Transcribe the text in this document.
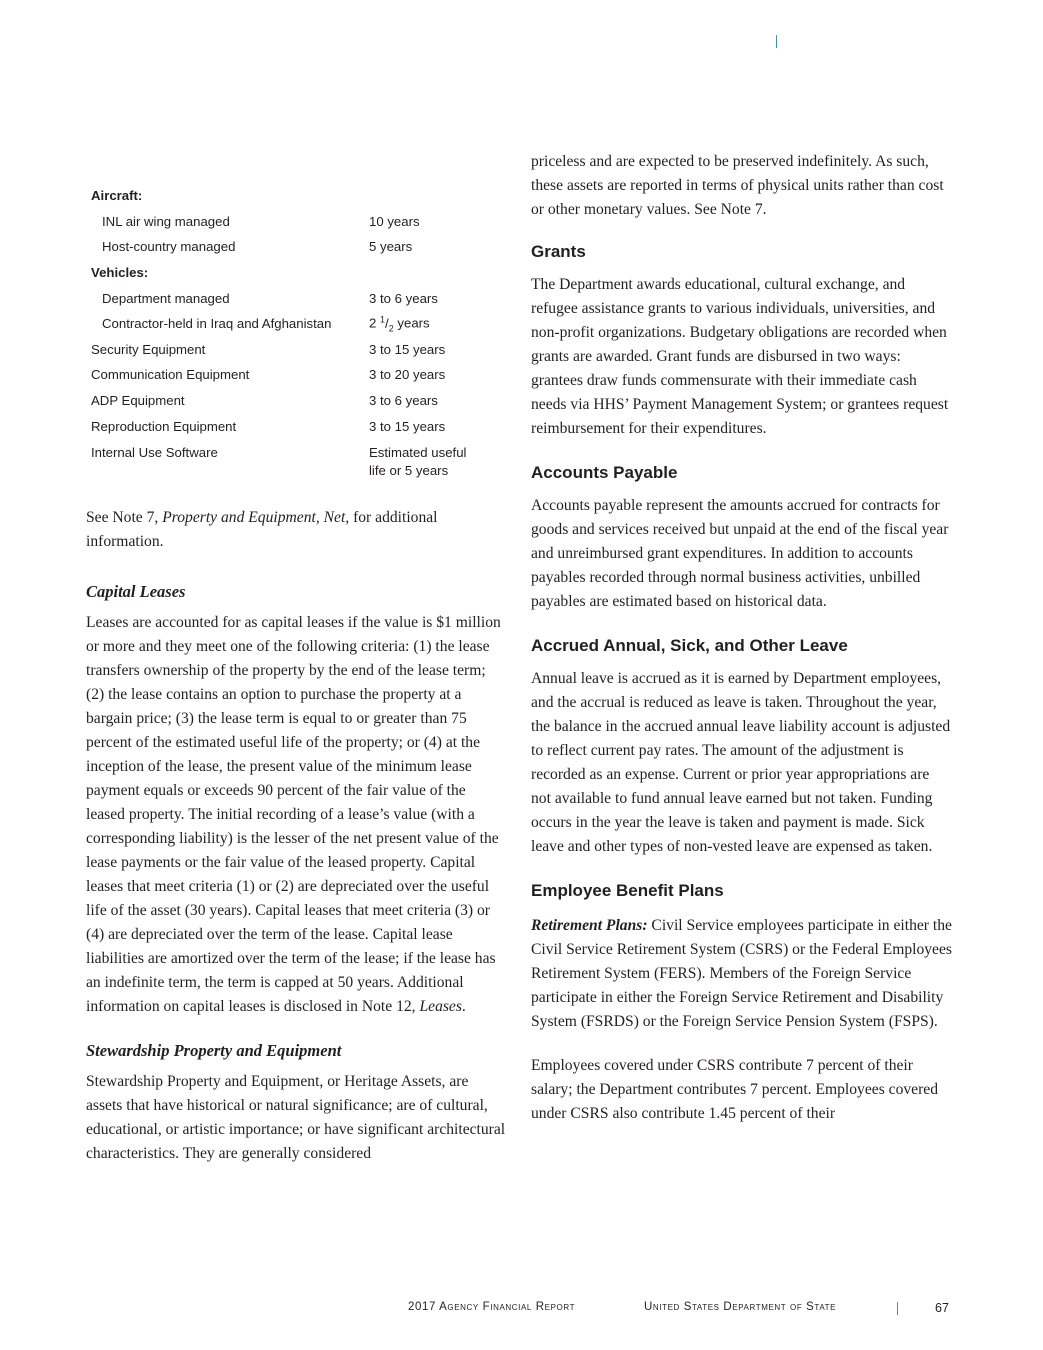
Aircraft:	
INL air wing managed	10 years
Host-country managed	5 years
Vehicles:	
Department managed	3 to 6 years
Contractor-held in Iraq and Afghanistan	2 $^1/_2$ years
Security Equipment	3 to 15 years
Communication Equipment	3 to 20 years
ADP Equipment	3 to 6 years
Reproduction Equipment	3 to 15 years
Internal Use Software	Estimated useful
life or 5 years

See Note 7, Property and Equipment, Net, for additional information.

Capital Leases

Leases are accounted for as capital leases if the value is $1 million or more and they meet one of the following criteria: (1) the lease transfers ownership of the property by the end of the lease term; (2) the lease contains an option to purchase the property at a bargain price; (3) the lease term is equal to or greater than 75 percent of the estimated useful life of the property; or (4) at the inception of the lease, the present value of the minimum lease payment equals or exceeds 90 percent of the fair value of the leased property. The initial recording of a lease’s value (with a corresponding liability) is the lesser of the net present value of the lease payments or the fair value of the leased property. Capital leases that meet criteria (1) or (2) are depreciated over the useful life of the asset (30 years). Capital leases that meet criteria (3) or (4) are depreciated over the term of the lease. Capital lease liabilities are amortized over the term of the lease; if the lease has an indefinite term, the term is capped at 50 years. Additional information on capital leases is disclosed in Note 12, Leases.

Stewardship Property and Equipment

Stewardship Property and Equipment, or Heritage Assets, are assets that have historical or natural significance; are of cultural, educational, or artistic importance; or have significant architectural characteristics. They are generally considered

priceless and are expected to be preserved indefinitely. As such, these assets are reported in terms of physical units rather than cost or other monetary values. See Note 7.

Grants

The Department awards educational, cultural exchange, and refugee assistance grants to various individuals, universities, and non-profit organizations. Budgetary obligations are recorded when grants are awarded. Grant funds are disbursed in two ways: grantees draw funds commensurate with their immediate cash needs via HHS’ Payment Management System; or grantees request reimbursement for their expenditures.

Accounts Payable

Accounts payable represent the amounts accrued for contracts for goods and services received but unpaid at the end of the fiscal year and unreimbursed grant expenditures. In addition to accounts payables recorded through normal business activities, unbilled payables are estimated based on historical data.

Accrued Annual, Sick, and Other Leave

Annual leave is accrued as it is earned by Department employees, and the accrual is reduced as leave is taken. Throughout the year, the balance in the accrued annual leave liability account is adjusted to reflect current pay rates. The amount of the adjustment is recorded as an expense. Current or prior year appropriations are not available to fund annual leave earned but not taken. Funding occurs in the year the leave is taken and payment is made. Sick leave and other types of non-vested leave are expensed as taken.

Employee Benefit Plans

Retirement Plans: Civil Service employees participate in either the Civil Service Retirement System (CSRS) or the Federal Employees Retirement System (FERS). Members of the Foreign Service participate in either the Foreign Service Retirement and Disability System (FSRDS) or the Foreign Service Pension System (FSPS).

Employees covered under CSRS contribute 7 percent of their salary; the Department contributes 7 percent. Employees covered under CSRS also contribute 1.45 percent of their

2017 Agency Financial Report	United States Department of State	67
